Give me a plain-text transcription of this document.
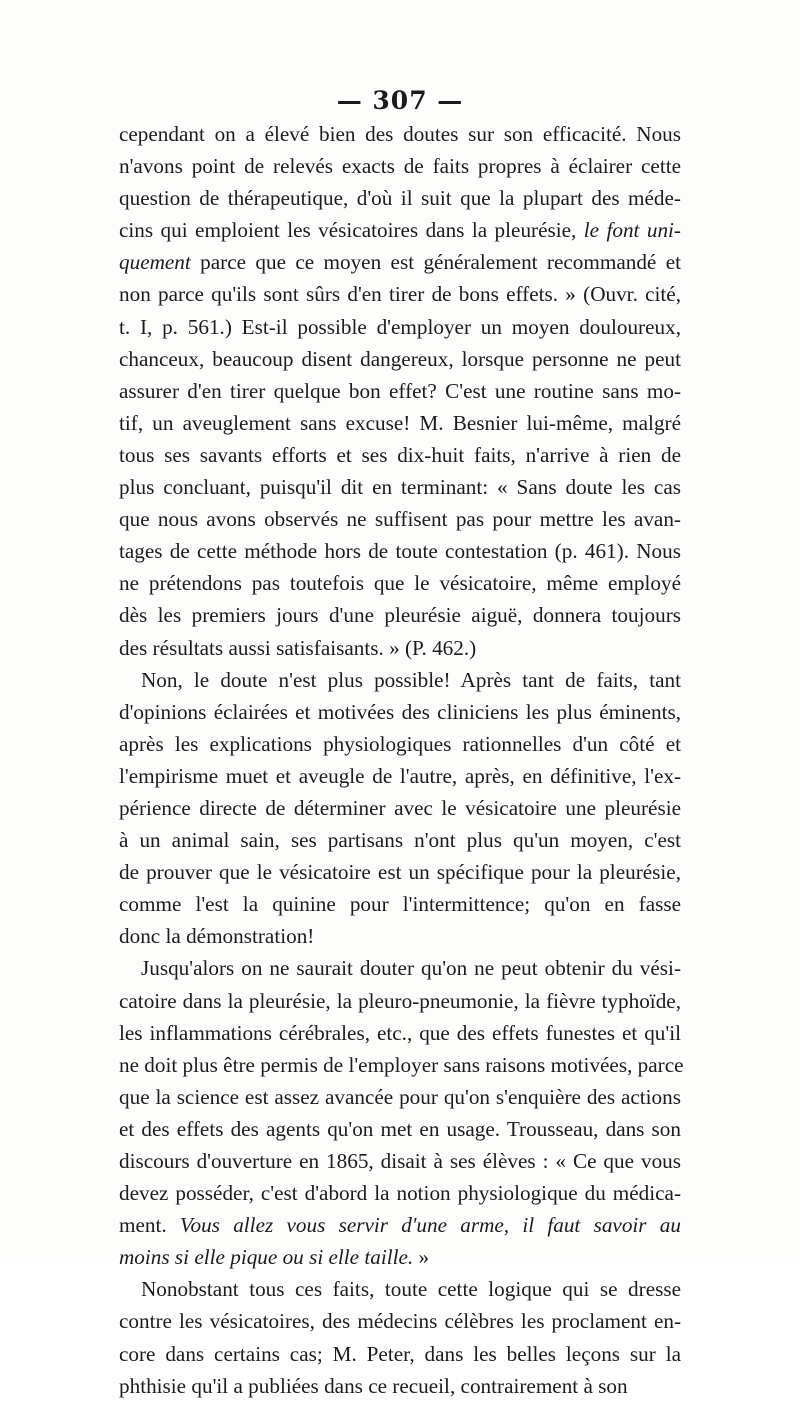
— 307 —

cependant on a élevé bien des doutes sur son efficacité. Nous
n'avons point de relevés exacts de faits propres à éclairer cette
question de thérapeutique, d'où il suit que la plupart des méde-
cins qui emploient les vésicatoires dans la pleurésie, le font uni-
quement parce que ce moyen est généralement recommandé et
non parce qu'ils sont sûrs d'en tirer de bons effets. » (Ouvr. cité,
t. I, p. 561.) Est-il possible d'employer un moyen douloureux,
chanceux, beaucoup disent dangereux, lorsque personne ne peut
assurer d'en tirer quelque bon effet? C'est une routine sans mo-
tif, un aveuglement sans excuse! M. Besnier lui-même, malgré
tous ses savants efforts et ses dix-huit faits, n'arrive à rien de
plus concluant, puisqu'il dit en terminant: « Sans doute les cas
que nous avons observés ne suffisent pas pour mettre les avan-
tages de cette méthode hors de toute contestation (p. 461). Nous
ne prétendons pas toutefois que le vésicatoire, même employé
dès les premiers jours d'une pleurésie aiguë, donnera toujours
des résultats aussi satisfaisants. » (P. 462.)

Non, le doute n'est plus possible! Après tant de faits, tant
d'opinions éclairées et motivées des cliniciens les plus éminents,
après les explications physiologiques rationnelles d'un côté et
l'empirisme muet et aveugle de l'autre, après, en définitive, l'ex-
périence directe de déterminer avec le vésicatoire une pleurésie
à un animal sain, ses partisans n'ont plus qu'un moyen, c'est
de prouver que le vésicatoire est un spécifique pour la pleurésie,
comme l'est la quinine pour l'intermittence; qu'on en fasse
donc la démonstration!

Jusqu'alors on ne saurait douter qu'on ne peut obtenir du vési-
catoire dans la pleurésie, la pleuro-pneumonie, la fièvre typhoïde,
les inflammations cérébrales, etc., que des effets funestes et qu'il
ne doit plus être permis de l'employer sans raisons motivées, parce
que la science est assez avancée pour qu'on s'enquière des actions
et des effets des agents qu'on met en usage. Trousseau, dans son
discours d'ouverture en 1865, disait à ses élèves : « Ce que vous
devez posséder, c'est d'abord la notion physiologique du médica-
ment. Vous allez vous servir d'une arme, il faut savoir au
moins si elle pique ou si elle taille. »

Nonobstant tous ces faits, toute cette logique qui se dresse
contre les vésicatoires, des médecins célèbres les proclament en-
core dans certains cas; M. Peter, dans les belles leçons sur la
phthisie qu'il a publiées dans ce recueil, contrairement à son
